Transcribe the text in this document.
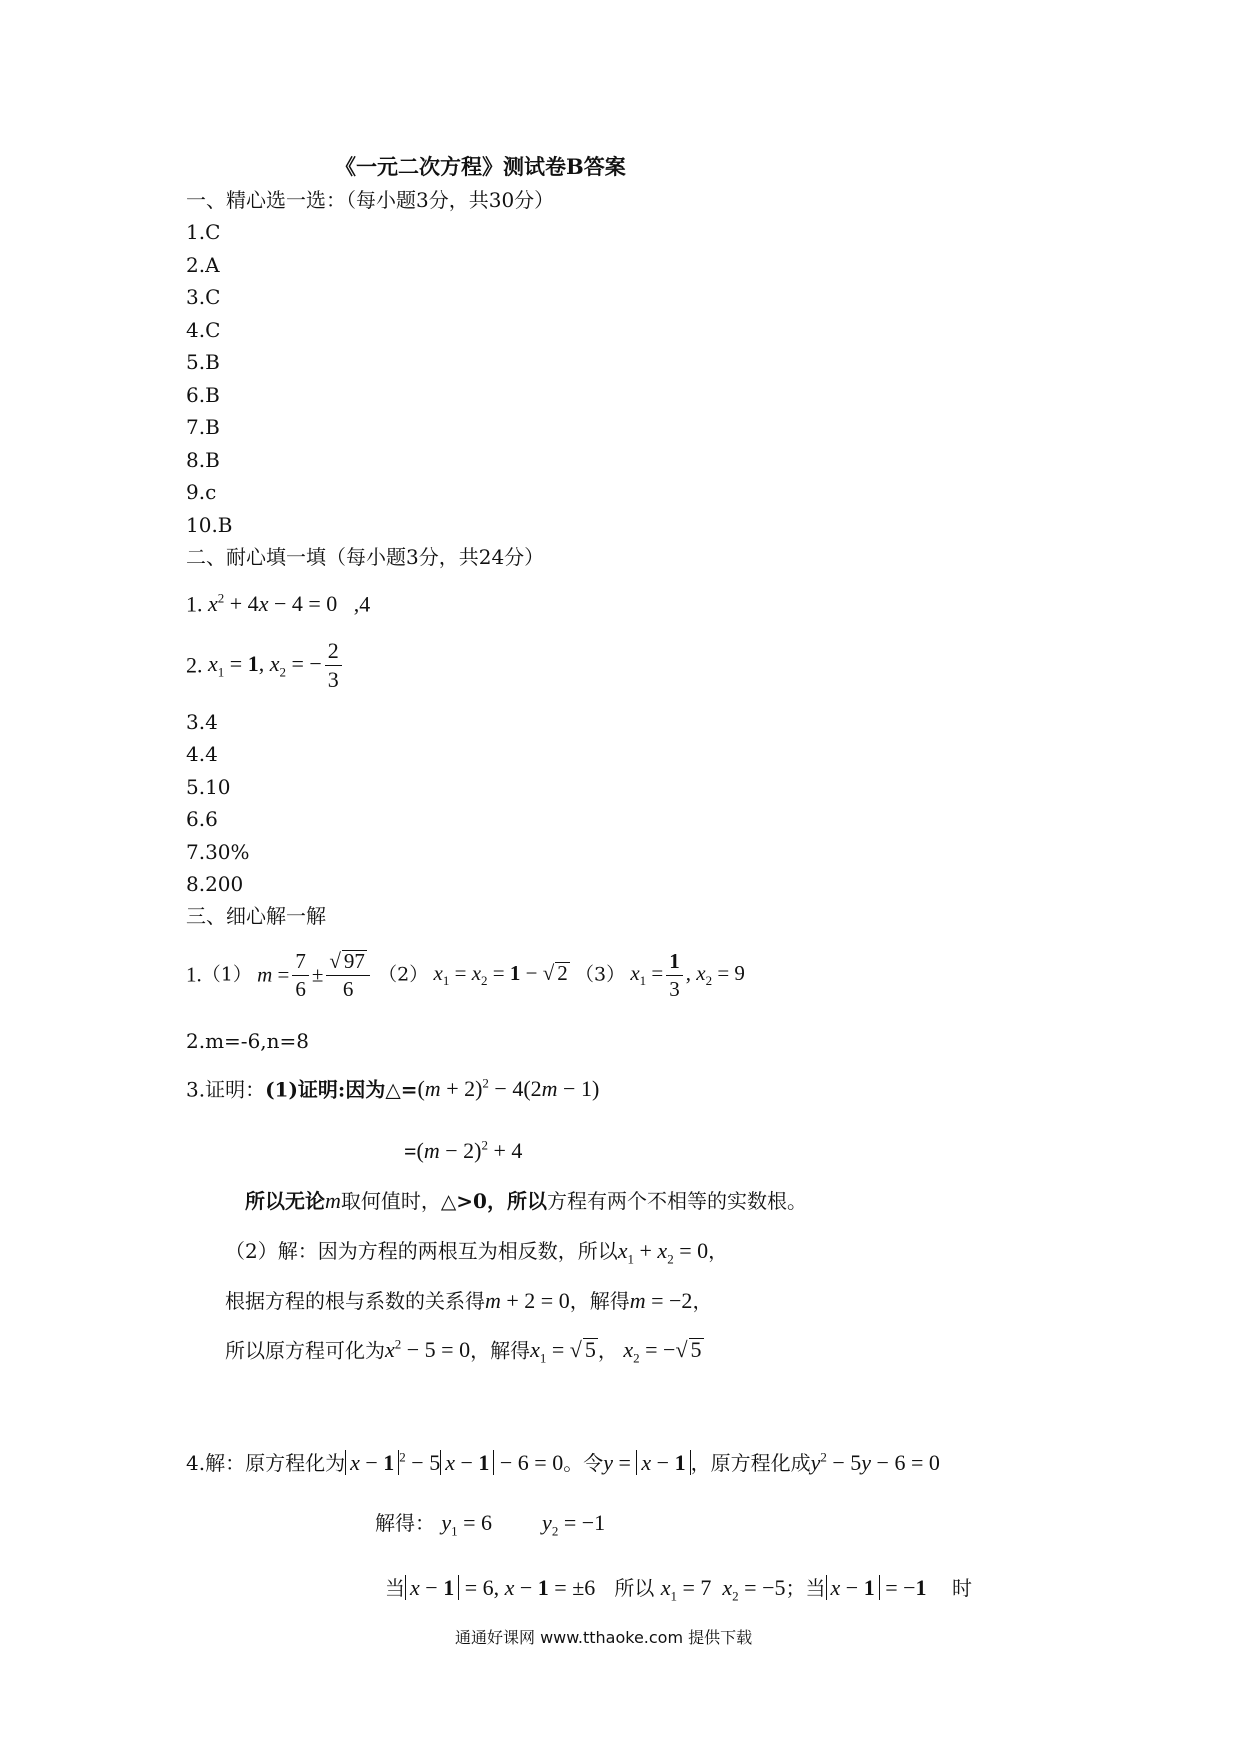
《一元二次方程》测试卷B答案
一、精心选一选：（每小题3分，共30分）
1.C
2.A
3.C
4.C
5.B
6.B
7.B
8.B
9.c
10.B
二、耐心填一填（每小题3分，共24分）
1. $x^2 + 4x - 4 = 0$ ,4
2. $x_1 = 1$, $x_2$ = − $\frac{2}{3}$
3.4
4.4
5.10
6.6
7.30%
8.200
三、细心解一解
1.（1） $m = \frac{7}{6} \pm \frac{√ 97}{6} (2) x_1 = x_2 = 1$ − √ 2 （3） $x_1 = \frac{1}{3}$ , $x_2 = 9$
2.m=-6,n=8
3.证明：(1)证明:因为△=(m + 2)$^2$ − 4(2m − 1)
$=(m - 2)^2 + 4$
所以无论m取何值时，△>0，所以方程有两个不相等的实数根。
（2）解：因为方程的两根互为相反数，所以$x_1 + x_2 = 0$，
根据方程的根与系数的关系得m + 2 = 0，解得m = −2，
所以原方程可化为$x^2 - 5 = 0$，解得$x_1$ = √ 5 ， $x_2$ = −√ 5
4.解：原方程化为 x − 1 $^2$ − 5 x − 1 − 6 = 0。令y = x − 1 ，原方程化成$y^2 - 5y - 6 = 0$
解得： $y_1 = 6$ $y_2 = -1$
当 x − 1 = 6, x − 1 = ±6 所以 $x_1 = 7$  $x_2 = -5$；当 x − 1 = −1 时
通通好课网 www.tthaoke.com 提供下载
